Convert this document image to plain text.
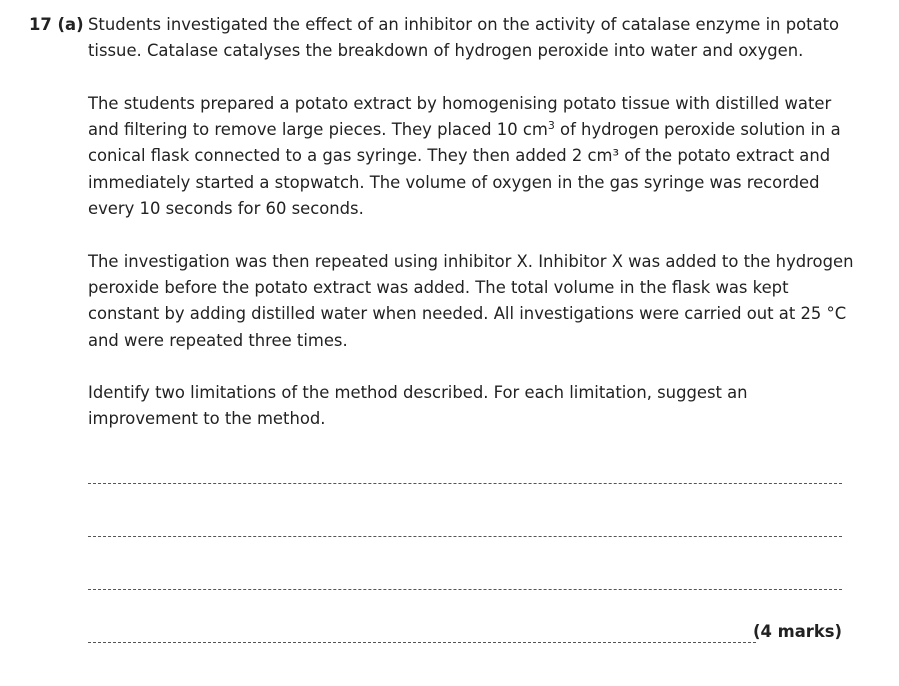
17 (a) Students investigated the effect of an inhibitor on the activity of catalase enzyme in potato tissue. Catalase catalyses the breakdown of hydrogen peroxide into water and oxygen.

The students prepared a potato extract by homogenising potato tissue with distilled water and filtering to remove large pieces. They placed 10 $cm^3$ of hydrogen peroxide solution in a conical flask connected to a gas syringe. They then added 2 cm³ of the potato extract and immediately started a stopwatch. The volume of oxygen in the gas syringe was recorded every 10 seconds for 60 seconds.

The investigation was then repeated using inhibitor X. Inhibitor X was added to the hydrogen peroxide before the potato extract was added. The total volume in the flask was kept constant by adding distilled water when needed. All investigations were carried out at 25 °C and were repeated three times.

Identify two limitations of the method described. For each limitation, suggest an improvement to the method.

(4 marks)
